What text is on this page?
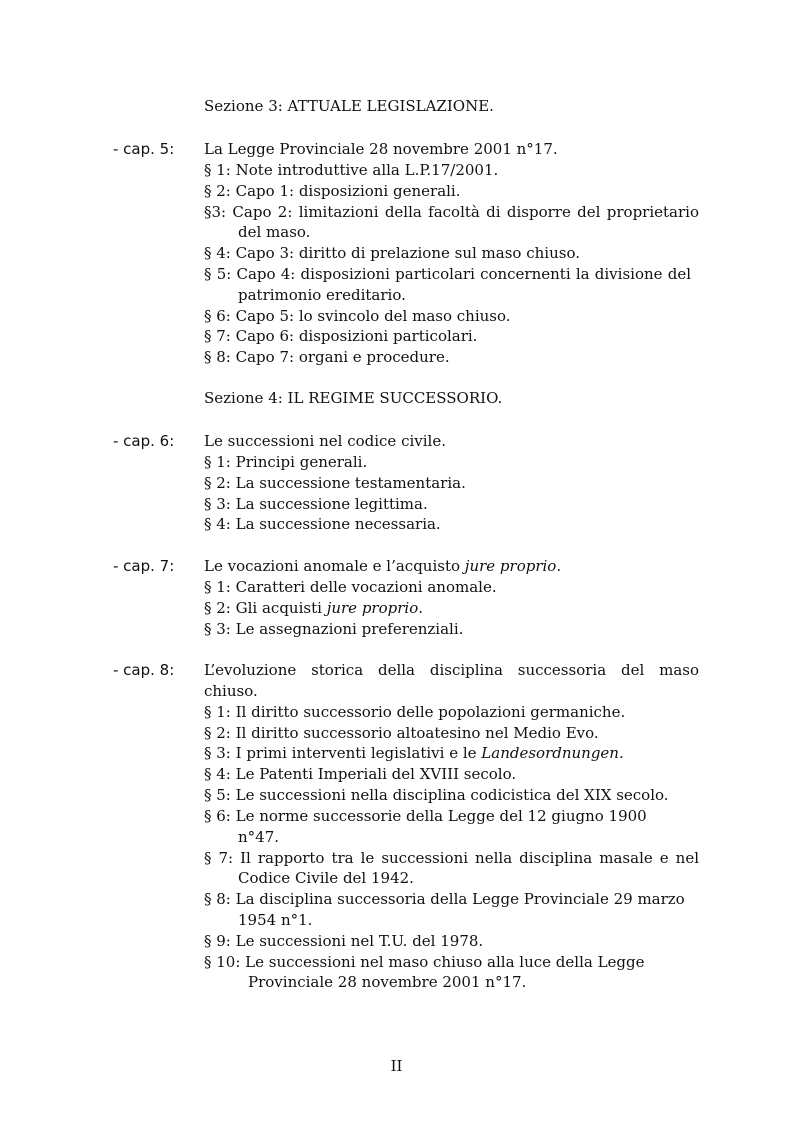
Sezione 3: ATTUALE LEGISLAZIONE.
- cap. 5: La Legge Provinciale 28 novembre 2001 n°17.
§ 1: Note introduttive alla L.P.17/2001.
§ 2: Capo 1: disposizioni generali.
§3: Capo 2: limitazioni della facoltà di disporre del proprietario
del maso.
§ 4: Capo 3: diritto di prelazione sul maso chiuso.
§ 5: Capo 4: disposizioni particolari concernenti la divisione del
patrimonio ereditario.
§ 6: Capo 5: lo svincolo del maso chiuso.
§ 7: Capo 6: disposizioni particolari.
§ 8: Capo 7: organi e procedure.
Sezione 4: IL REGIME SUCCESSORIO.
- cap. 6: Le successioni nel codice civile.
§ 1: Principi generali.
§ 2: La successione testamentaria.
§ 3: La successione legittima.
§ 4: La successione necessaria.
- cap. 7: Le vocazioni anomale e l’acquisto jure proprio.
§ 1: Caratteri delle vocazioni anomale.
§ 2: Gli acquisti jure proprio.
§ 3: Le assegnazioni preferenziali.
- cap. 8: L’evoluzione storica della disciplina successoria del maso
chiuso.
§ 1: Il diritto successorio delle popolazioni germaniche.
§ 2: Il diritto successorio altoatesino nel Medio Evo.
§ 3: I primi interventi legislativi e le Landesordnungen.
§ 4: Le Patenti Imperiali del XVIII secolo.
§ 5: Le successioni nella disciplina codicistica del XIX secolo.
§ 6: Le norme successorie della Legge del 12 giugno 1900
n°47.
§ 7: Il rapporto tra le successioni nella disciplina masale e nel
Codice Civile del 1942.
§ 8: La disciplina successoria della Legge Provinciale 29 marzo
1954 n°1.
§ 9: Le successioni nel T.U. del 1978.
§ 10: Le successioni nel maso chiuso alla luce della Legge
Provinciale 28 novembre 2001 n°17.
II
